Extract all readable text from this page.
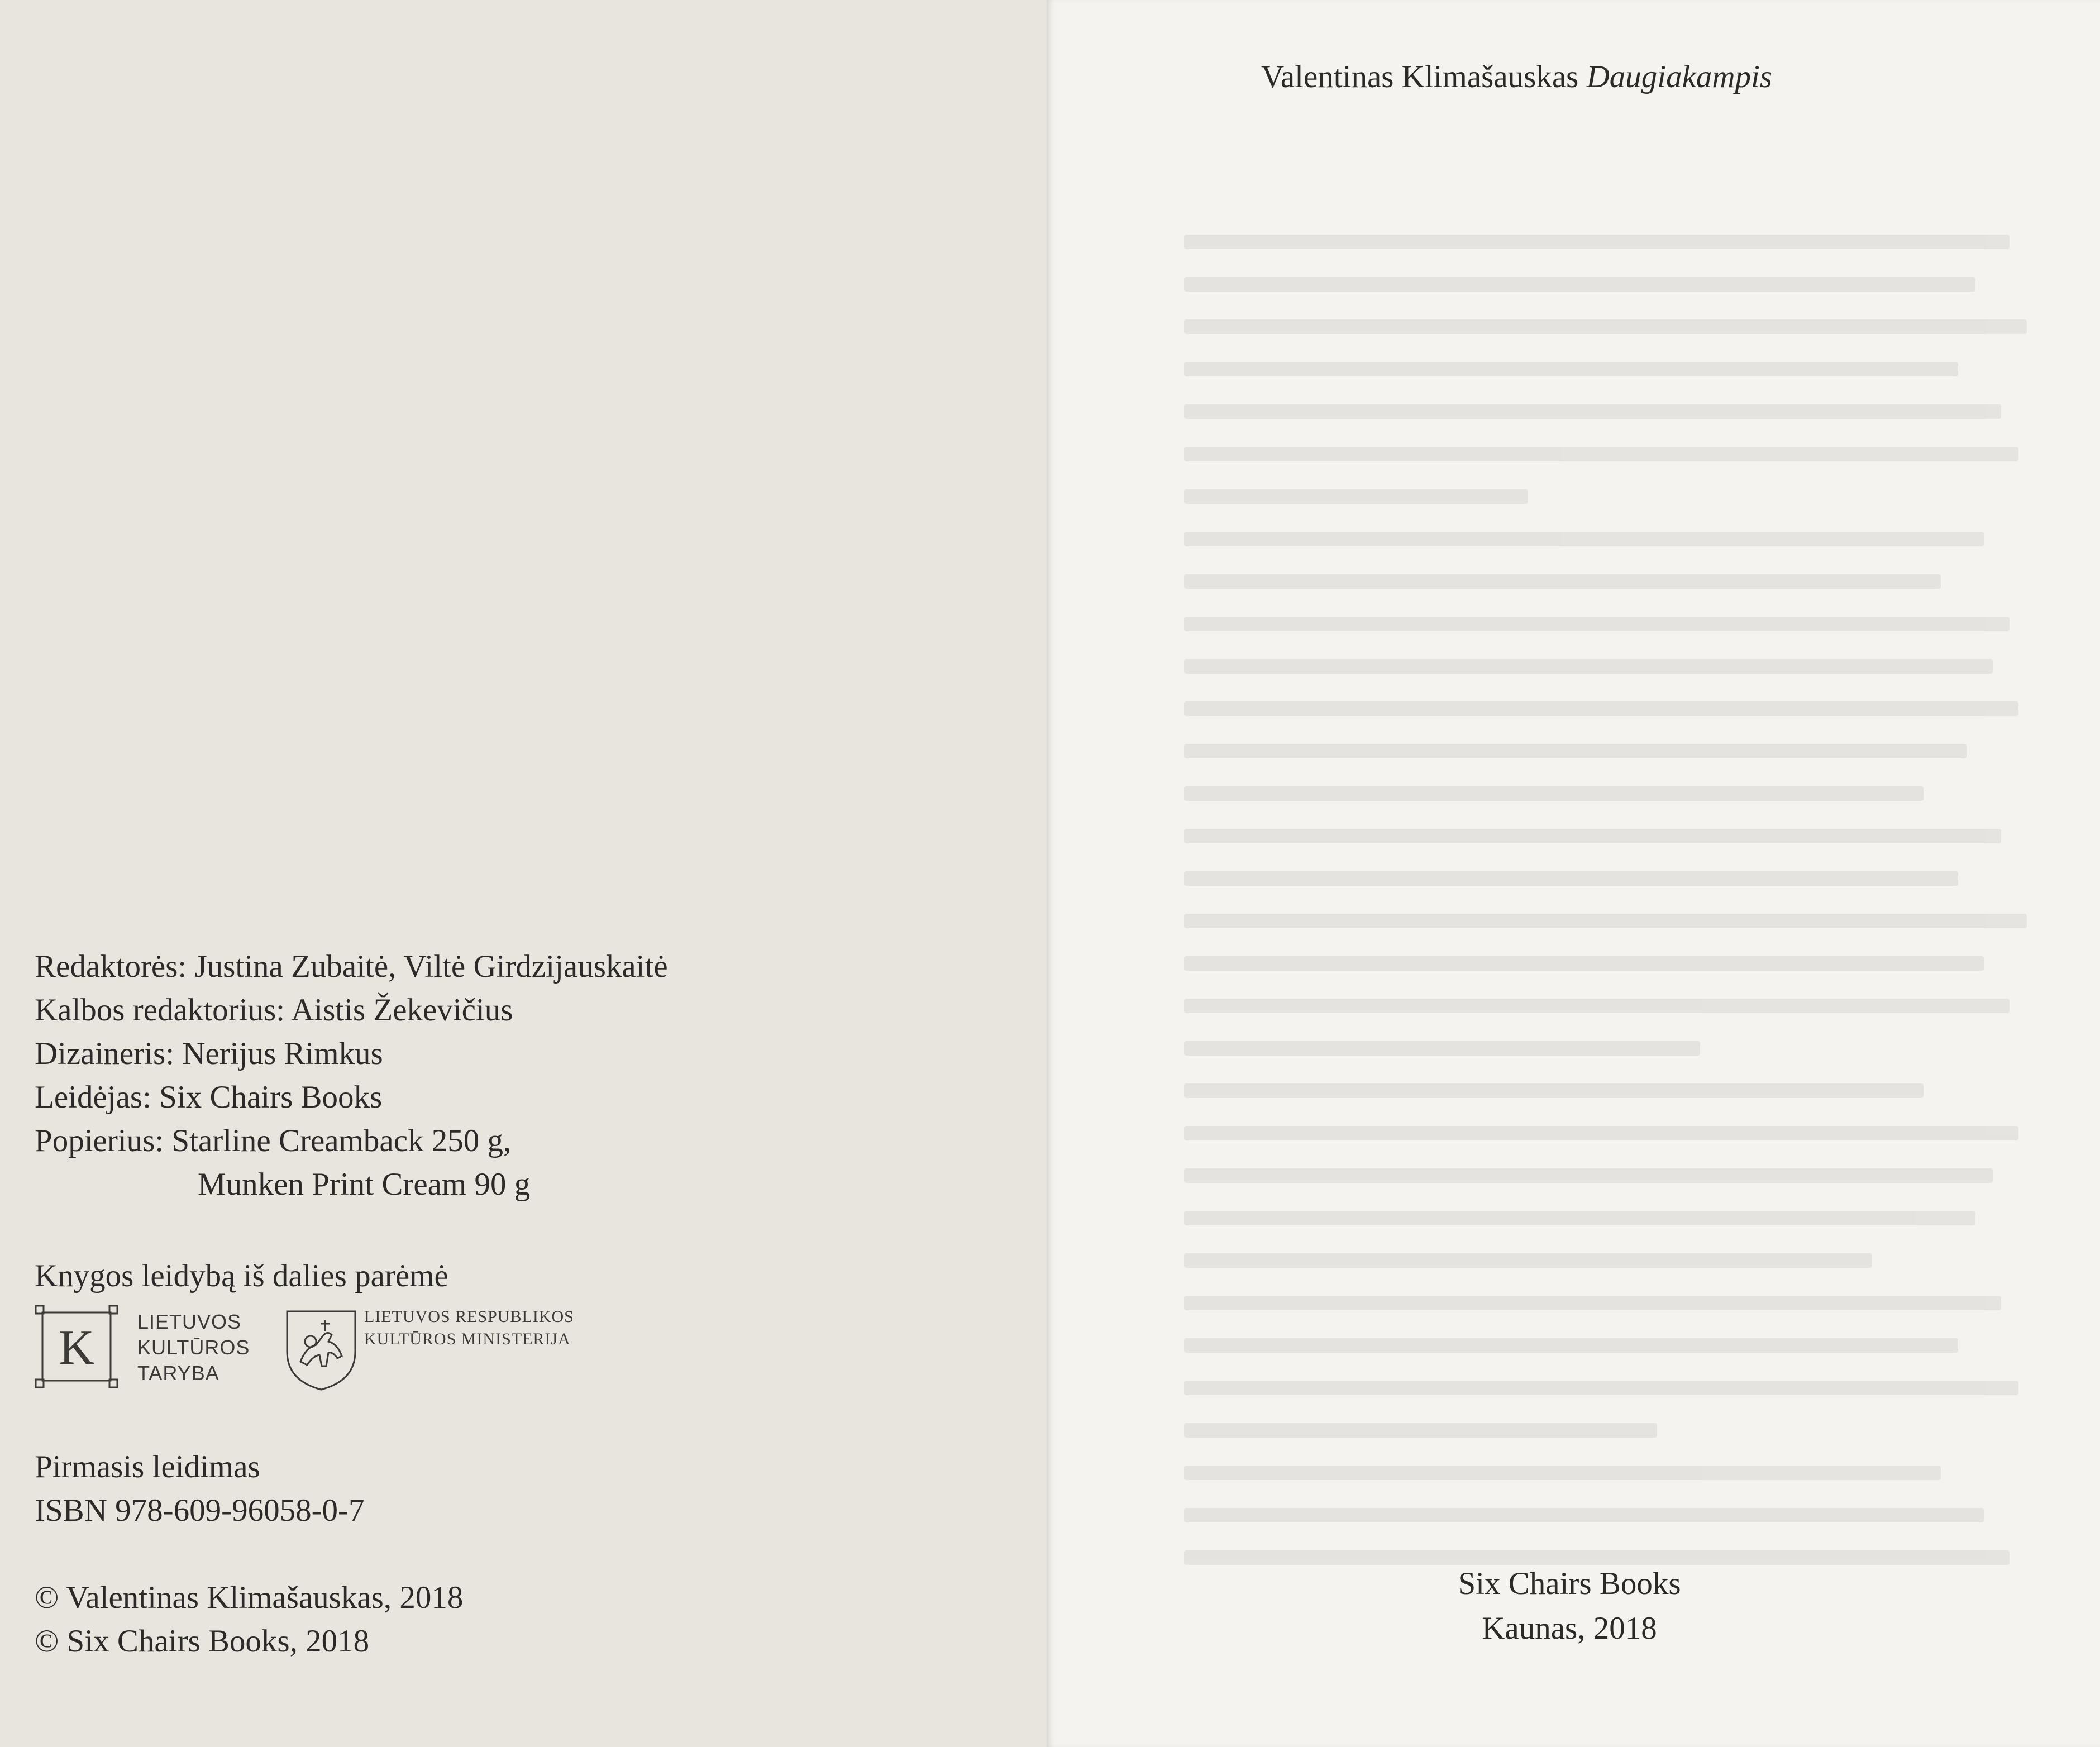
Redaktorės: Justina Zubaitė, Viltė Girdzijauskaitė
Kalbos redaktorius: Aistis Žekevičius
Dizaineris: Nerijus Rimkus
Leidėjas: Six Chairs Books
Popierius: Starline Creamback 250 g,
Munken Print Cream 90 g
Knygos leidybą iš dalies parėmė
K LIETUVOS
KULTŪROS
TARYBA
LIETUVOS RESPUBLIKOS
KULTŪROS MINISTERIJA
Pirmasis leidimas
ISBN 978-609-96058-0-7
© Valentinas Klimašauskas, 2018
© Six Chairs Books, 2018
Valentinas Klimašauskas Daugiakampis
Six Chairs Books
Kaunas, 2018
